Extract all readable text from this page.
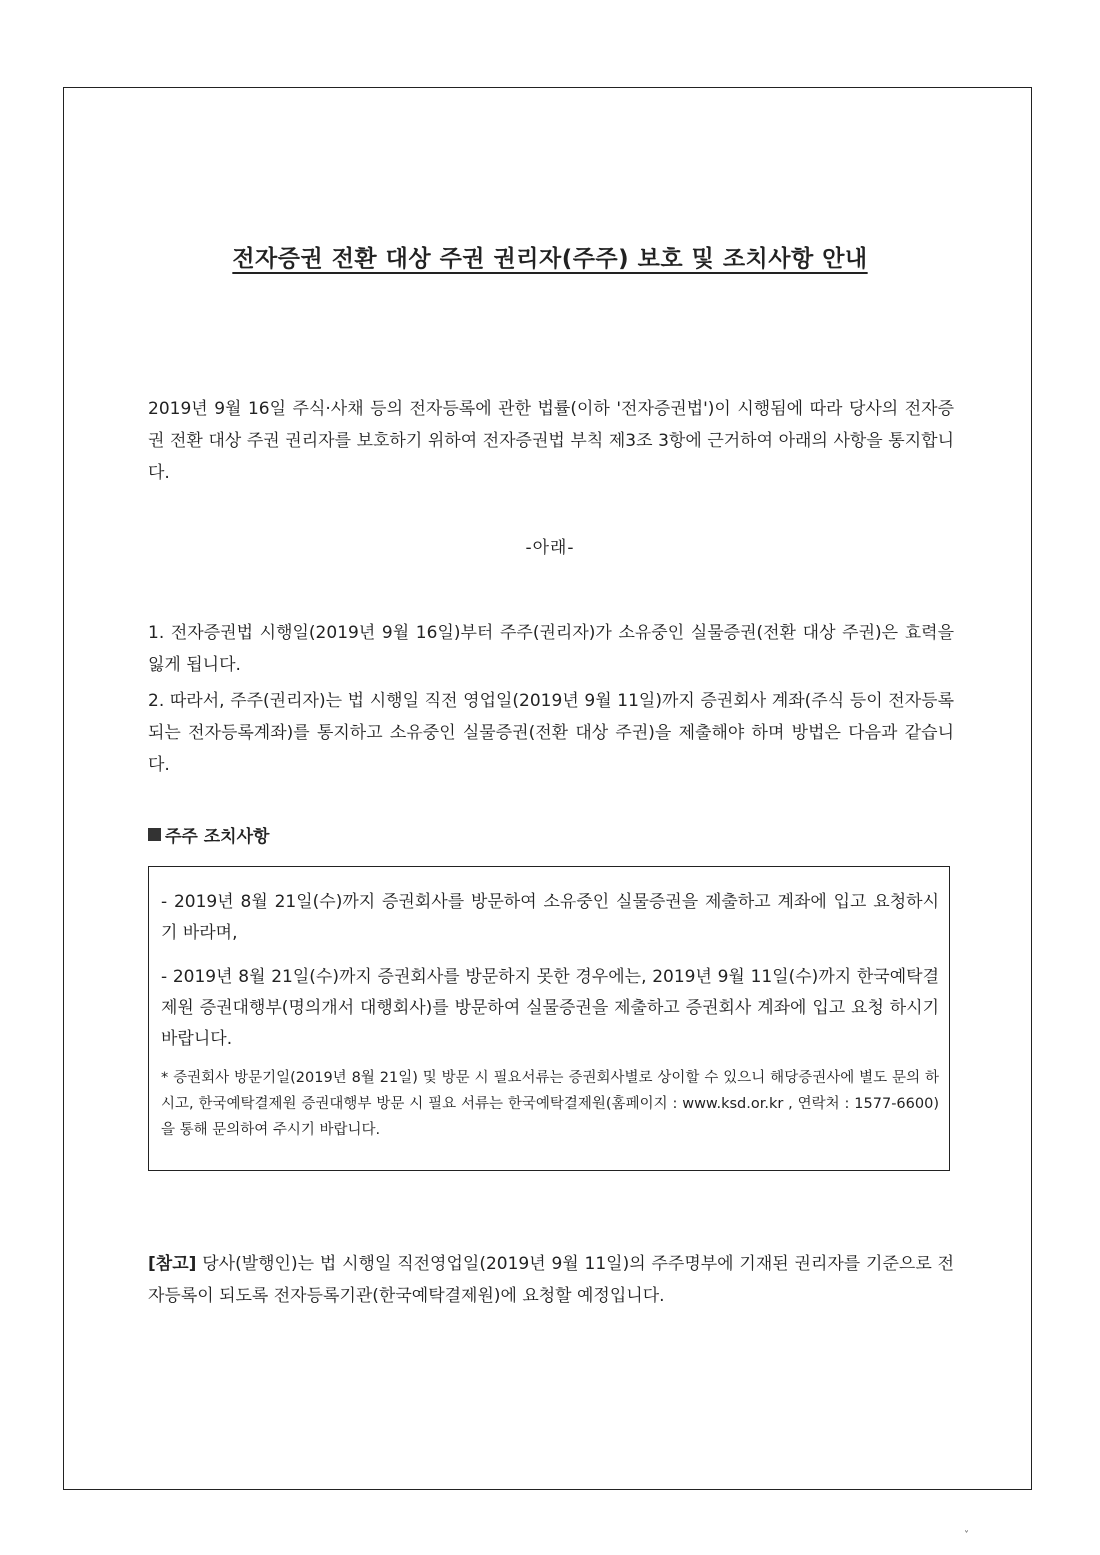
전자증권 전환 대상 주권 권리자(주주) 보호 및 조치사항 안내

2019년 9월 16일 주식·사채 등의 전자등록에 관한 법률(이하 '전자증권법')이 시행됨에 따라 당사의 전자증권 전환 대상 주권 권리자를 보호하기 위하여 전자증권법 부칙 제3조 3항에 근거하여 아래의 사항을 통지합니다.

-아래-

1. 전자증권법 시행일(2019년 9월 16일)부터 주주(권리자)가 소유중인 실물증권(전환 대상 주권)은 효력을 잃게 됩니다.

2. 따라서, 주주(권리자)는 법 시행일 직전 영업일(2019년 9월 11일)까지 증권회사 계좌(주식 등이 전자등록되는 전자등록계좌)를 통지하고 소유중인 실물증권(전환 대상 주권)을 제출해야 하며 방법은 다음과 같습니다.

주주 조치사항

- 2019년 8월 21일(수)까지 증권회사를 방문하여 소유중인 실물증권을 제출하고 계좌에 입고 요청하시기 바라며,

- 2019년 8월 21일(수)까지 증권회사를 방문하지 못한 경우에는, 2019년 9월 11일(수)까지 한국예탁결제원 증권대행부(명의개서 대행회사)를 방문하여 실물증권을 제출하고 증권회사 계좌에 입고 요청 하시기 바랍니다.

* 증권회사 방문기일(2019년 8월 21일) 및 방문 시 필요서류는 증권회사별로 상이할 수 있으니 해당증권사에 별도 문의 하시고, 한국예탁결제원 증권대행부 방문 시 필요 서류는 한국예탁결제원(홈페이지 : www.ksd.or.kr , 연락처 : 1577-6600)을 통해 문의하여 주시기 바랍니다.

[참고] 당사(발행인)는 법 시행일 직전영업일(2019년 9월 11일)의 주주명부에 기재된 권리자를 기준으로 전자등록이 되도록 전자등록기관(한국예탁결제원)에 요청할 예정입니다.

˅
